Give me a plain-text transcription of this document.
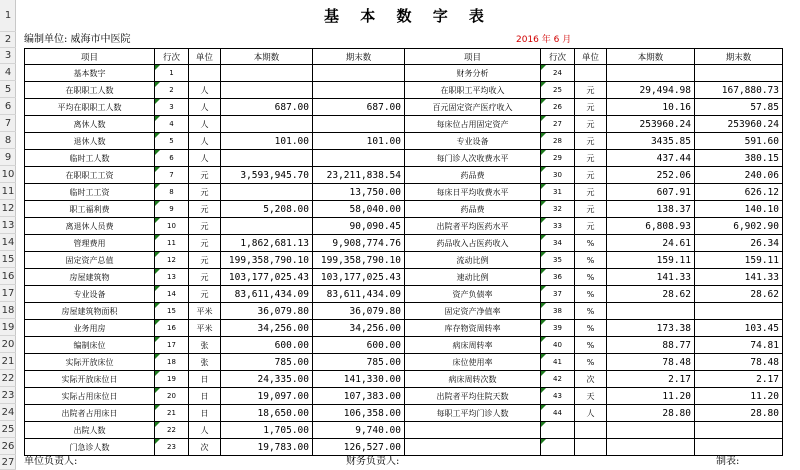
1
2
3
4
5
6
7
8
9
10
11
12
13
14
15
16
17
18
19
20
21
22
23
24
25
26
27
基 本 数 字 表
编制单位: 威海市中医院	2016 年 6 月
项目	行次	单位	本期数	期末数	项目	行次	单位	本期数	期末数
基本数字	1				财务分析	24			
在职职工人数	2	人			在职职工平均收入	25	元	29,494.98	167,880.73
平均在职职工人数	3	人	687.00	687.00	百元固定资产医疗收入	26	元	10.16	57.85
离休人数	4	人			每床位占用固定资产	27	元	253960.24	253960.24
退休人数	5	人	101.00	101.00	专业设备	28	元	3435.85	591.60
临时工人数	6	人			每门诊人次收费水平	29	元	437.44	380.15
在职职工工资	7	元	3,593,945.70	23,211,838.54	药品费	30	元	252.06	240.06
临时工工资	8	元		13,750.00	每床日平均收费水平	31	元	607.91	626.12
职工福利费	9	元	5,208.00	58,040.00	药品费	32	元	138.37	140.10
离退休人员费	10	元		90,090.45	出院者平均医药水平	33	元	6,808.93	6,902.90
管理费用	11	元	1,862,681.13	9,908,774.76	药品收入占医药收入	34	%	24.61	26.34
固定资产总值	12	元	199,358,790.10	199,358,790.10	流动比例	35	%	159.11	159.11
房屋建筑物	13	元	103,177,025.43	103,177,025.43	速动比例	36	%	141.33	141.33
专业设备	14	元	83,611,434.09	83,611,434.09	资产负债率	37	%	28.62	28.62
房屋建筑物面积	15	平米	36,079.80	36,079.80	固定资产净值率	38	%		
业务用房	16	平米	34,256.00	34,256.00	库存物资周转率	39	%	173.38	103.45
编制床位	17	张	600.00	600.00	病床周转率	40	%	88.77	74.81
实际开放床位	18	张	785.00	785.00	床位使用率	41	%	78.48	78.48
实际开放床位日	19	日	24,335.00	141,330.00	病床周转次数	42	次	2.17	2.17
实际占用床位日	20	日	19,097.00	107,383.00	出院者平均住院天数	43	天	11.20	11.20
出院者占用床日	21	日	18,650.00	106,358.00	每职工平均门诊人数	44	人	28.80	28.80
出院人数	22	人	1,705.00	9,740.00					
门急诊人数	23	次	19,783.00	126,527.00					
单位负责人:	财务负责人:	制表:
